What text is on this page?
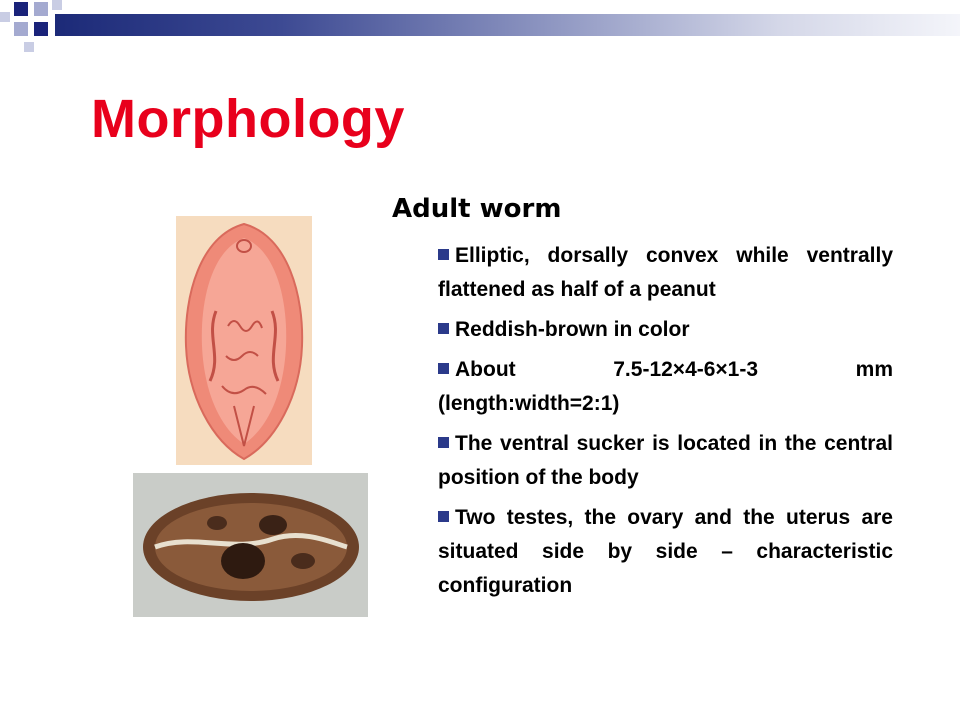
Morphology
Adult worm
Elliptic, dorsally convex while ventrally flattened as half of a peanut
Reddish-brown in color
About 7.5-12×4-6×1-3 mm (length:width=2:1)
The ventral sucker is located in the central position of the body
Two testes, the ovary and the uterus are situated side by side – characteristic configuration
